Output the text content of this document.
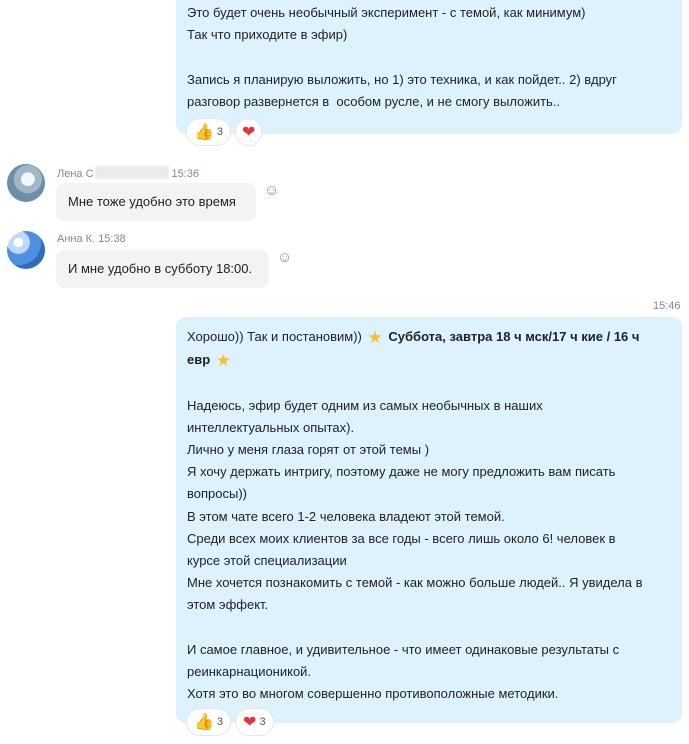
Это будет очень необычный эксперимент - с темой, как минимум)
Так что приходите в эфир)

Запись я планирую выложить, но 1) это техника, и как пойдет.. 2) вдруг
разговор развернется в  особом русле, и не смогу выложить..
👍 3 ❤
Лена С	15:36
Мне тоже удобно это время
☺
Анна К. 15:38
И мне удобно в субботу 18:00.
☺
15:46
Хорошо)) Так и постановим)) ★ Суббота, завтра 18 ч мск/17 ч кие / 16 ч
евр ★

Надеюсь, эфир будет одним из самых необычных в наших
интеллектуальных опытах).
Лично у меня глаза горят от этой темы )
Я хочу держать интригу, поэтому даже не могу предложить вам писать
вопросы))
В этом чате всего 1-2 человека владеют этой темой.
Среди всех моих клиентов за все годы - всего лишь около 6! человек в
курсе этой специализации
Мне хочется познакомить с темой - как можно больше людей.. Я увидела в
этом эффект.

И самое главное, и удивительное - что имеет одинаковые результаты с
реинкарнационикой.
Хотя это во многом совершенно противоположные методики.
👍 3 ❤ 3
